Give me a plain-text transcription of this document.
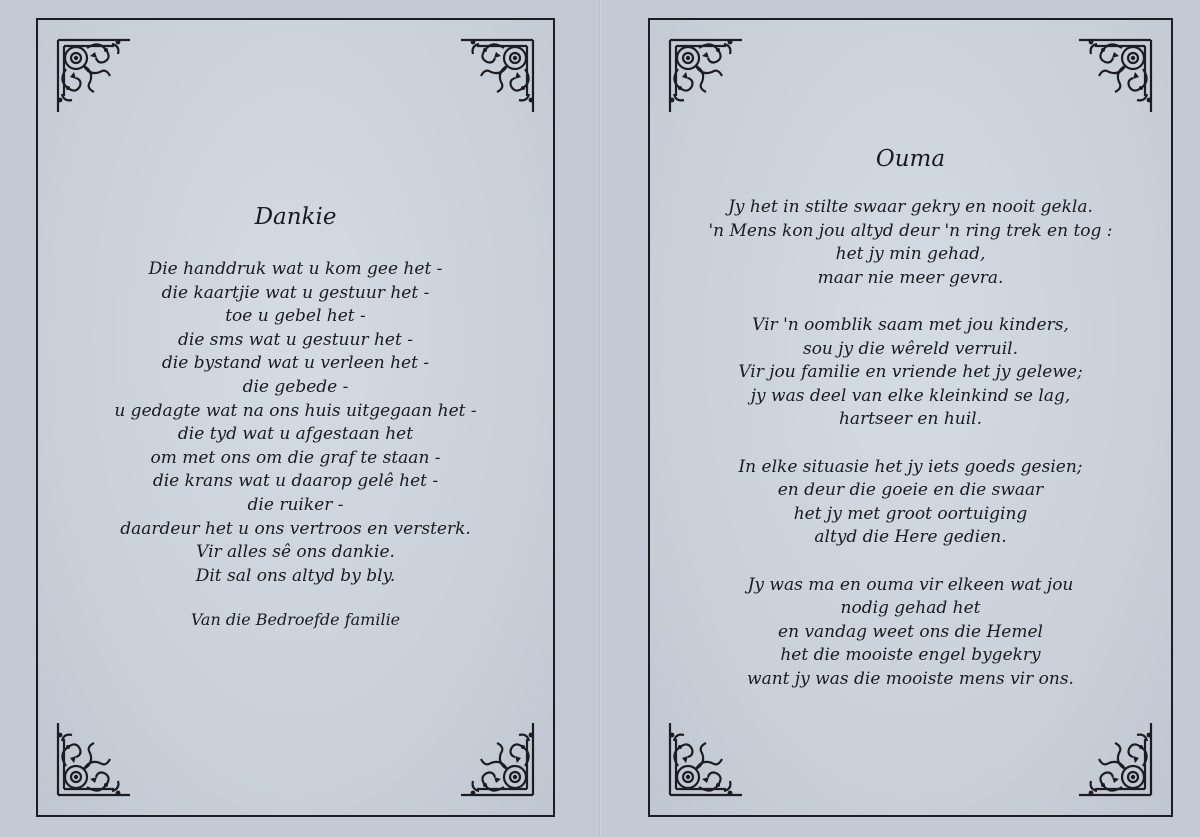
Dankie
Die handdruk wat u kom gee het -
die kaartjie wat u gestuur het -
toe u gebel het -
die sms wat u gestuur het -
die bystand wat u verleen het -
die gebede -
u gedagte wat na ons huis uitgegaan het -
die tyd wat u afgestaan het
om met ons om die graf te staan -
die krans wat u daarop gelê het -
die ruiker -
daardeur het u ons vertroos en versterk.
Vir alles sê ons dankie.
Dit sal ons altyd by bly.
Van die Bedroefde familie
Ouma
Jy het in stilte swaar gekry en nooit gekla.
'n Mens kon jou altyd deur 'n ring trek en tog :
het jy min gehad,
maar nie meer gevra.
Vir 'n oomblik saam met jou kinders,
sou jy die wêreld verruil.
Vir jou familie en vriende het jy gelewe;
jy was deel van elke kleinkind se lag,
hartseer en huil.
In elke situasie het jy iets goeds gesien;
en deur die goeie en die swaar
het jy met groot oortuiging
altyd die Here gedien.
Jy was ma en ouma vir elkeen wat jou
nodig gehad het
en vandag weet ons die Hemel
het die mooiste engel bygekry
want jy was die mooiste mens vir ons.
